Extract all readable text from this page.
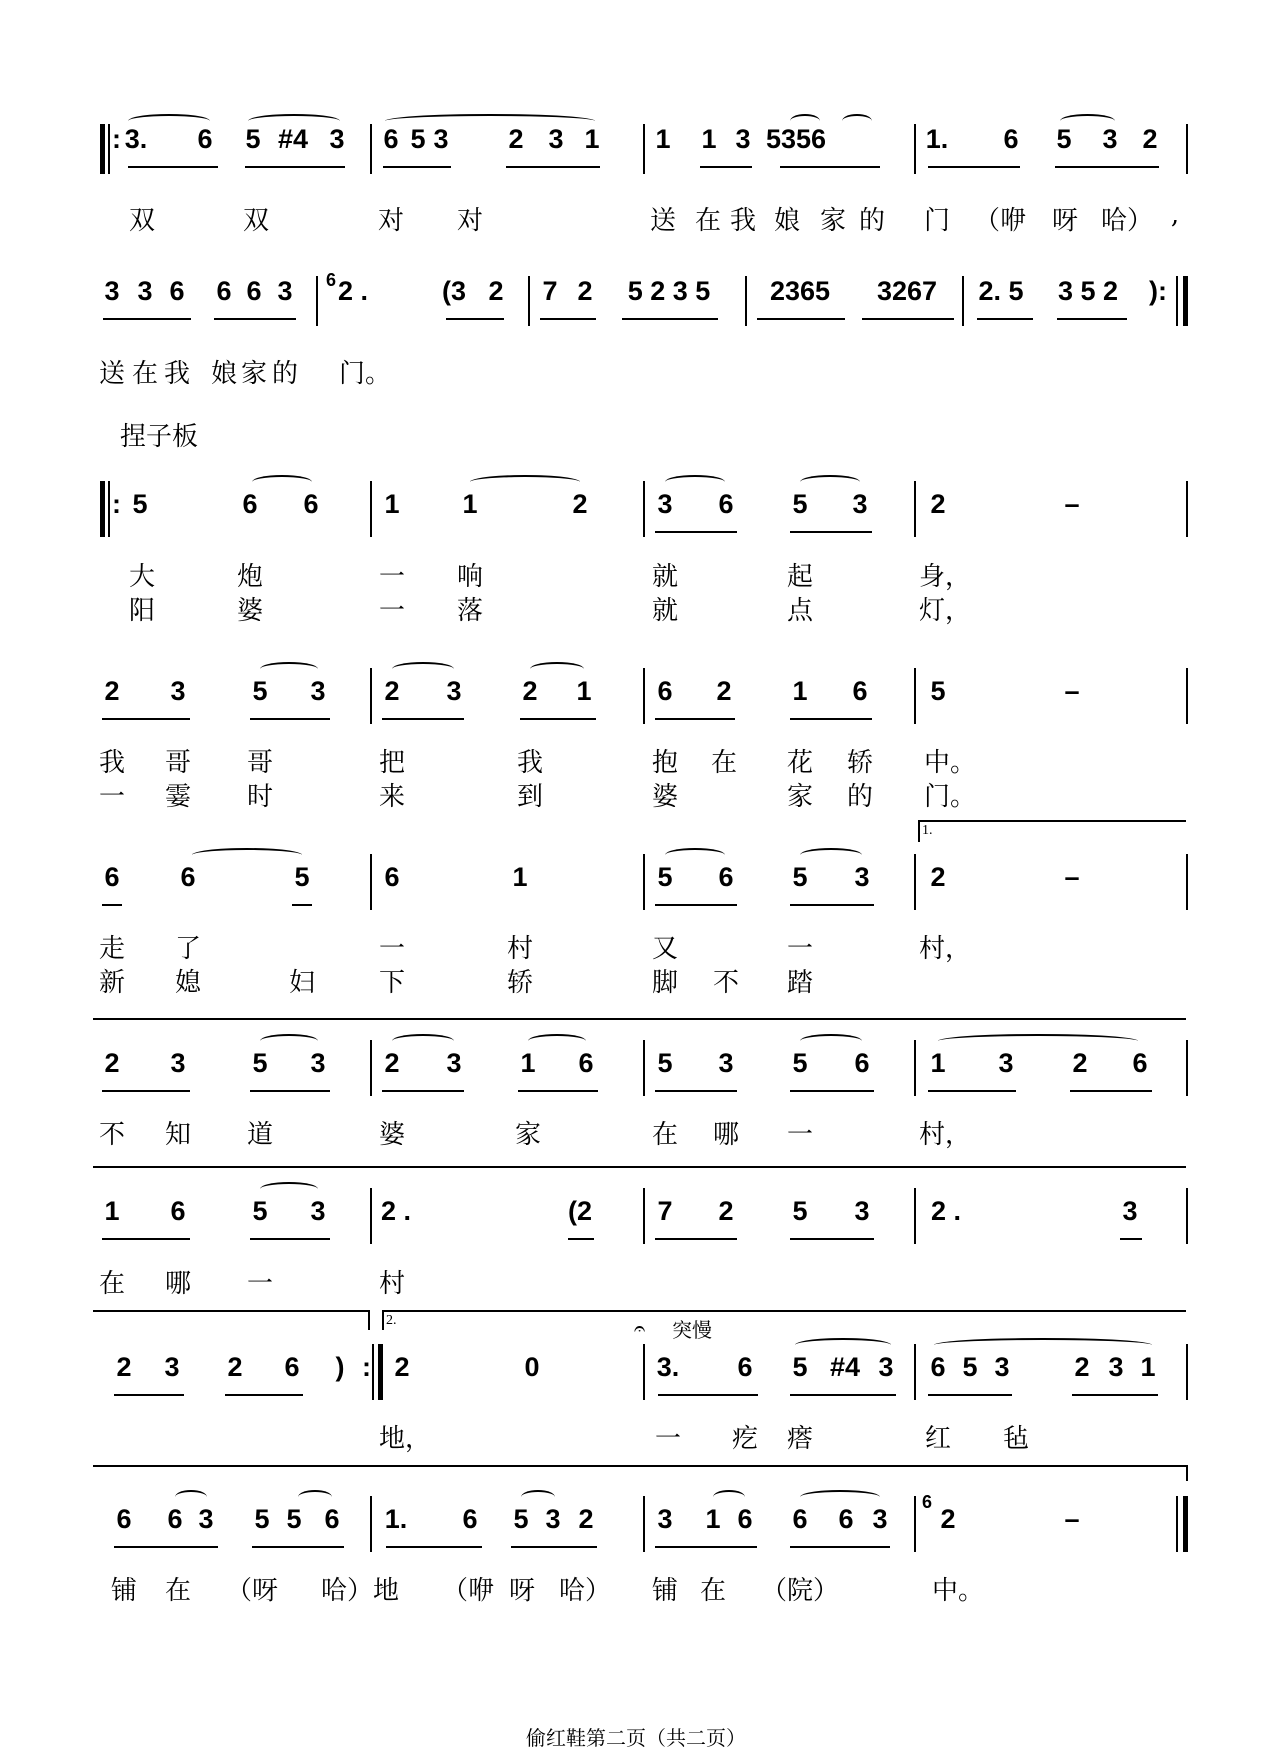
: 3. 6 5 #4 3 6 5 3 2 3 1 1 1 3 5356	1. 6 5 3 2
双	双	对 对	送 在 我 娘 家 的 门 （咿 呀 哈） ,
3 3 6 6 6 3 6 2 .	(3 2 7 2 5 2 3 5 2365 3267 2. 5 3 5 2 ):
送 在 我 娘 家 的 门。
捏子板
: 5	6 6 1 1	2	3 6 5 3 2	–
大	炮	一 响	就	起	身，
阳	婆	一 落	就	点	灯，
2 3 5 3 2 3 2 1 6 2 1 6 5	–
我 哥 哥	把	我	抱 在 花 轿 中。
一 霎 时	来	到	婆	家 的 门。
1.
6 6	5	6	1	5 6 5 3 2	–
走 了	一	村	又	一	村，
新 媳	妇 下	轿	脚 不 踏
2 3 5 3 2 3 1 6 5 3 5 6 1 3 2 6
不 知 道	婆	家	在 哪 一	村，
1 6 5 3 2 .	(2 7 2 5 3 2 .	3
在 哪 一	村
2.	𝄐 突慢
2 3 2 6 ) : 2	0	3. 6 5 #4 3 6 5 3 2 3 1
地，	一 疙 瘩	红 毡
6 6 3 5 5 6 1. 6 5 3 2 3 1 6 6 6 3
6
2	–
铺 在 （呀 哈）地 （咿 呀 哈） 铺 在 （院）	中。
偷红鞋第二页（共二页）
